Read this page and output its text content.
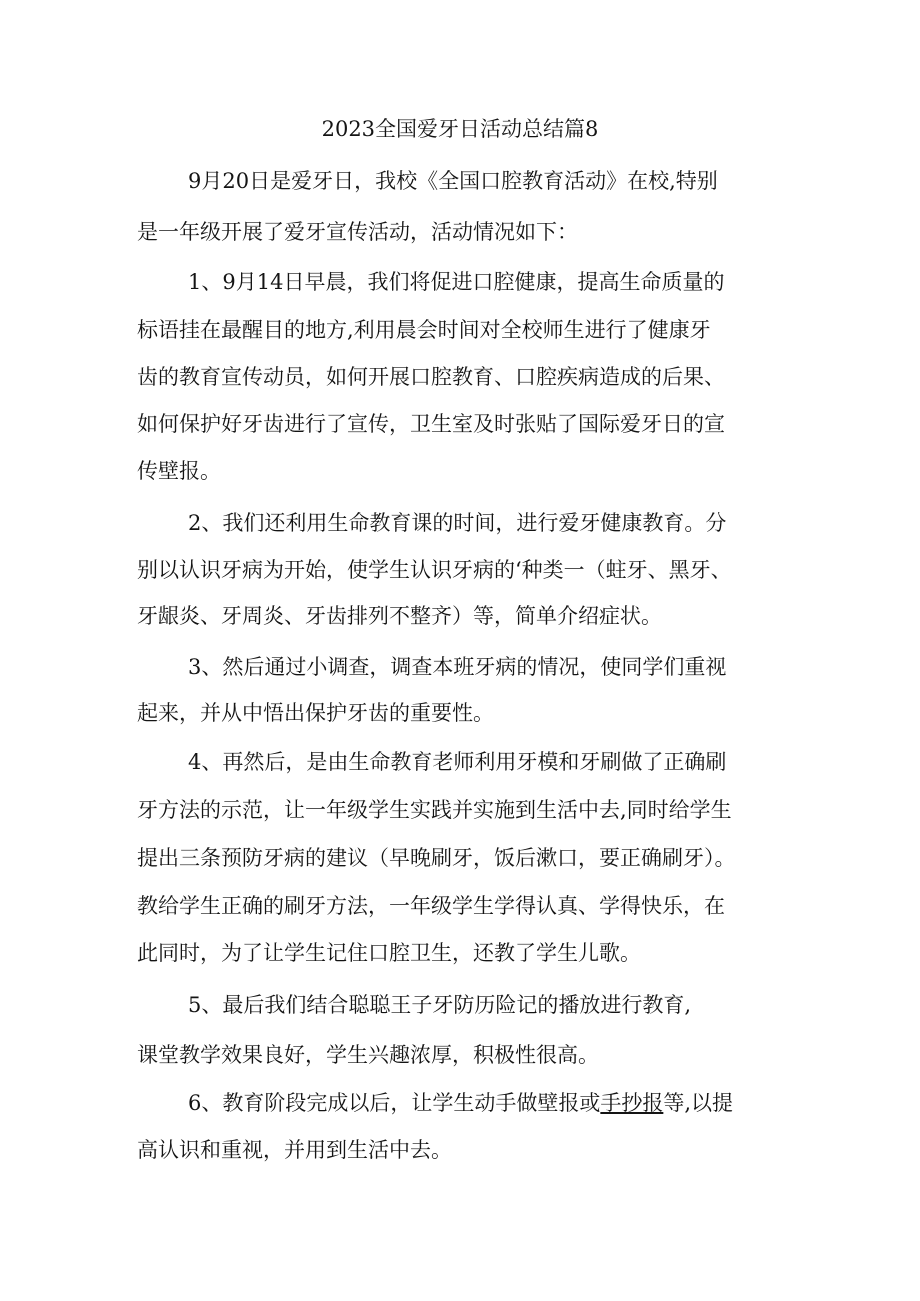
2023全国爱牙日活动总结篇8
9月20日是爱牙日，我校《全国口腔教育活动》在校,特别
是一年级开展了爱牙宣传活动，活动情况如下：
1、9月14日早晨，我们将促进口腔健康，提高生命质量的
标语挂在最醒目的地方,利用晨会时间对全校师生进行了健康牙
齿的教育宣传动员，如何开展口腔教育、口腔疾病造成的后果、
如何保护好牙齿进行了宣传，卫生室及时张贴了国际爱牙日的宣
传壁报。
2、我们还利用生命教育课的时间，进行爱牙健康教育。分
别以认识牙病为开始，使学生认识牙病的‘种类一（蛀牙、黑牙、
牙龈炎、牙周炎、牙齿排列不整齐）等，简单介绍症状。
3、然后通过小调查，调查本班牙病的情况，使同学们重视
起来，并从中悟出保护牙齿的重要性。
4、再然后，是由生命教育老师利用牙模和牙刷做了正确刷
牙方法的示范，让一年级学生实践并实施到生活中去,同时给学生
提出三条预防牙病的建议（早晚刷牙，饭后漱口，要正确刷牙）。
教给学生正确的刷牙方法，一年级学生学得认真、学得快乐，在
此同时，为了让学生记住口腔卫生，还教了学生儿歌。
5、最后我们结合聪聪王子牙防历险记的播放进行教育,
课堂教学效果良好，学生兴趣浓厚，积极性很高。
6、教育阶段完成以后，让学生动手做壁报或手抄报等,以提
高认识和重视，并用到生活中去。
